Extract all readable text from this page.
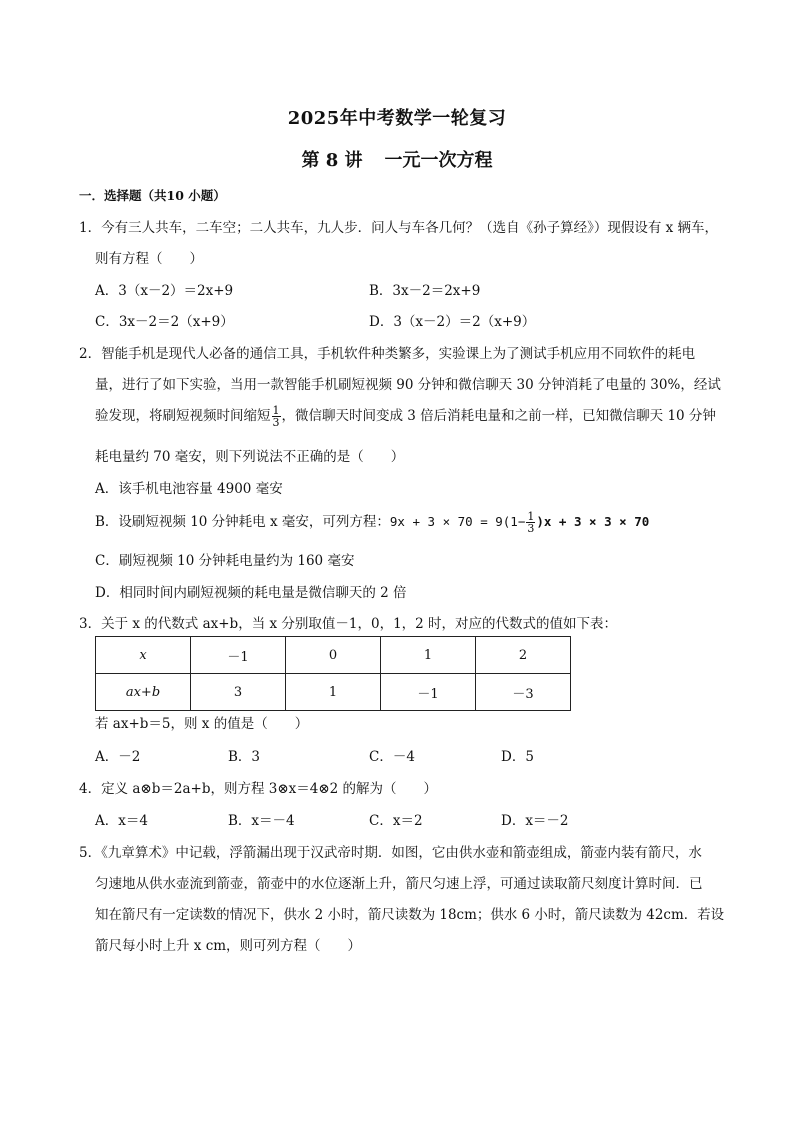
2025年中考数学一轮复习
第 8 讲 一元一次方程
一．选择题（共10 小题）
1．今有三人共车，二车空；二人共车，九人步．问人与车各几何？（选自《孙子算经》）现假设有 x 辆车，
则有方程（　　）
A．3（x－2）＝2x+9	B．3x－2＝2x+9
C．3x－2＝2（x+9）	D．3（x－2）＝2（x+9）
2．智能手机是现代人必备的通信工具，手机软件种类繁多，实验课上为了测试手机应用不同软件的耗电
量，进行了如下实验，当用一款智能手机刷短视频 90 分钟和微信聊天 30 分钟消耗了电量的 30%，经试
验发现，将刷短视频时间缩短 $\frac{1}{3}$ ，微信聊天时间变成 3 倍后消耗电量和之前一样，已知微信聊天 10 分钟
耗电量约 70 毫安，则下列说法不正确的是（　　）
A．该手机电池容量 4900 毫安
B．设刷短视频 10 分钟耗电 x 毫安，可列方程：$9x + 3 \times 70 = 9(1- \frac{1}{3} )x + 3 \times 3 \times 70$
C．刷短视频 10 分钟耗电量约为 160 毫安
D．相同时间内刷短视频的耗电量是微信聊天的 2 倍
3．关于 x 的代数式 ax+b，当 x 分别取值－1，0，1，2 时，对应的代数式的值如下表：
x	－1	0	1	2
ax+b	3	1	－1	－3
若 ax+b＝5，则 x 的值是（　　）
A．－2	B．3	C．－4	D．5
4．定义 a⊗b＝2a+b，则方程 3⊗x＝4⊗2 的解为（　　）
A．x＝4	B．x＝－4	C．x＝2	D．x＝－2
5．《九章算术》中记载，浮箭漏出现于汉武帝时期．如图，它由供水壶和箭壶组成，箭壶内装有箭尺，水
匀速地从供水壶流到箭壶，箭壶中的水位逐渐上升，箭尺匀速上浮，可通过读取箭尺刻度计算时间．已
知在箭尺有一定读数的情况下，供水 2 小时，箭尺读数为 18cm；供水 6 小时，箭尺读数为 42cm．若设
箭尺每小时上升 x cm，则可列方程（　　）
